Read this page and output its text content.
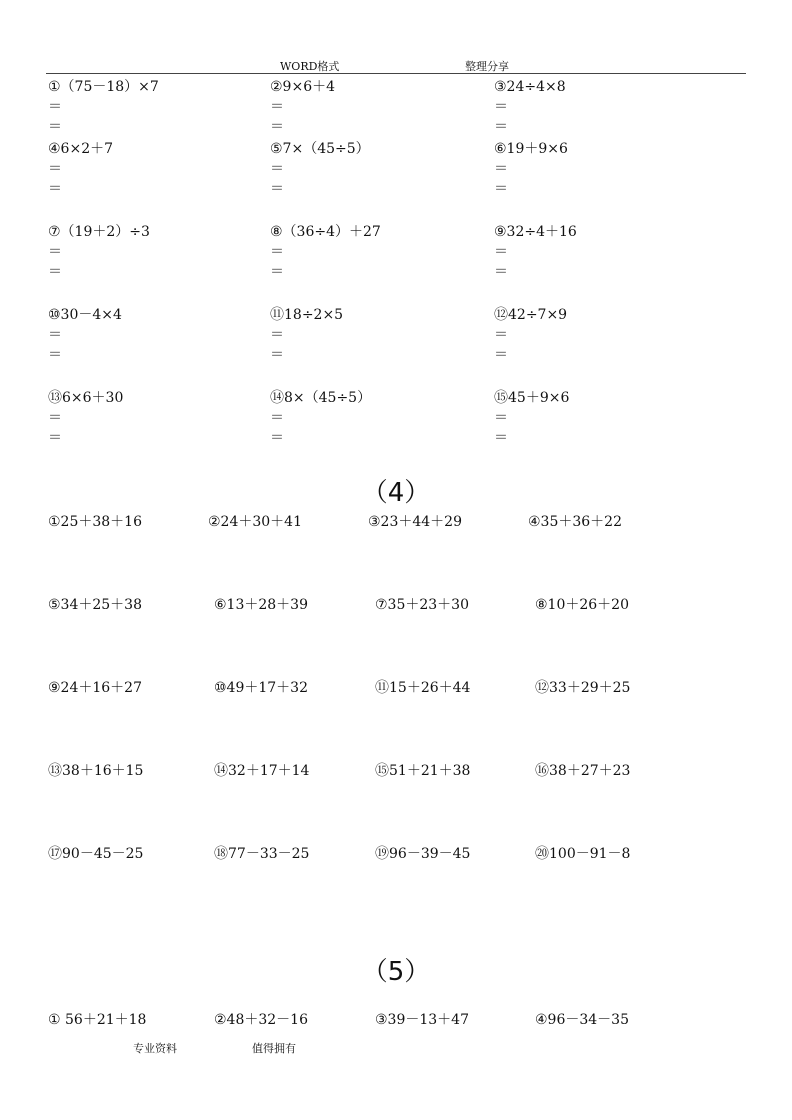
WORD格式	整理分享
①（75－18）×7
＝
＝
②9×6＋4
＝
＝
③24÷4×8
＝
＝
④6×2＋7
＝
＝
⑤7×（45÷5）
＝
＝
⑥19＋9×6
＝
＝
⑦（19＋2）÷3
＝
＝
⑧（36÷4）＋27
＝
＝
⑨32÷4＋16
＝
＝
⑩30－4×4
＝
＝
⑪18÷2×5
＝
＝
⑫42÷7×9
＝
＝
⑬6×6＋30
＝
＝
⑭8×（45÷5）
＝
＝
⑮45＋9×6
＝
＝
（4）
①25＋38＋16	②24＋30＋41	③23＋44＋29	④35＋36＋22
⑤34＋25＋38	⑥13＋28＋39	⑦35＋23＋30	⑧10＋26＋20
⑨24＋16＋27	⑩49＋17＋32	⑪15＋26＋44	⑫33＋29＋25
⑬38＋16＋15	⑭32＋17＋14	⑮51＋21＋38	⑯38＋27＋23
⑰90－45－25	⑱77－33－25	⑲96－39－45	⑳100－91－8
（5）
① 56＋21＋18	②48＋32－16	③39－13＋47	④96－34－35
专业资料	值得拥有
